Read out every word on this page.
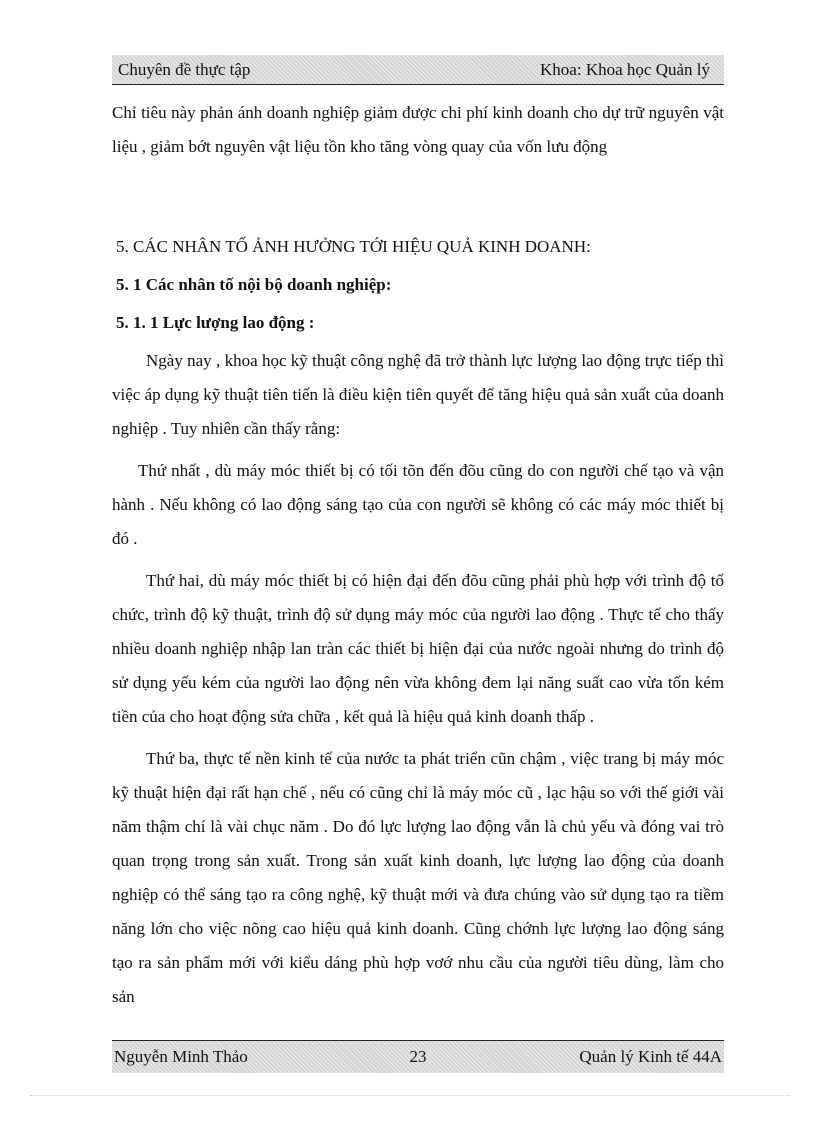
Chuyên đề thực tập	Khoa: Khoa học Quản lý

Chỉ tiêu này phản ánh doanh nghiệp giảm được chi phí kinh doanh cho dự trữ nguyên vật liệu , giảm bớt nguyên vật liệu tồn kho tăng vòng quay của vốn lưu động

5. CÁC NHÂN TỐ ẢNH HƯỞNG TỚI HIỆU QUẢ KINH DOANH:

5. 1 Các nhân tố nội bộ doanh nghiệp:

5. 1. 1 Lực lượng lao động :

Ngày nay , khoa học kỹ thuật công nghệ đã trở thành lực lượng lao động trực tiếp thì việc áp dụng kỹ thuật tiên tiến là điều kiện tiên quyết để tăng hiệu quả sản xuất của doanh nghiệp . Tuy nhiên cần thấy rằng:

Thứ nhất , dù máy móc thiết bị có tối tõn đến đõu cũng do con người chế tạo và vận hành . Nếu không có lao động sáng tạo của con người sẽ không có các máy móc thiết bị đó .

Thứ hai, dù máy móc thiết bị có hiện đại đến đõu cũng phải phù hợp với trình độ tổ chức, trình độ kỹ thuật, trình độ sử dụng máy móc của người lao động . Thực tế cho thấy nhiều doanh nghiệp nhập lan tràn các thiết bị hiện đại của nước ngoài nhưng do trình độ sử dụng yếu kém của người lao động nên vừa không đem lại năng suất cao vừa tốn kém tiền của cho hoạt động sửa chữa , kết quả là hiệu quả kinh doanh thấp .

Thứ ba, thực tế nền kinh tế của nước ta phát triển cũn chậm , việc trang bị máy móc kỹ thuật hiện đại rất hạn chế , nếu có cũng chỉ là máy móc cũ , lạc hậu so với thế giới vài năm thậm chí là vài chục năm . Do đó lực lượng lao động vẫn là chủ yếu và đóng vai trò quan trọng trong sản xuất. Trong sản xuất kinh doanh, lực lượng lao động của doanh nghiệp có thể sáng tạo ra công nghệ, kỹ thuật mới và đưa chúng vào sử dụng tạo ra tiềm năng lớn cho việc nõng cao hiệu quả kinh doanh. Cũng chớnh lực lượng lao động sáng tạo ra sản phẩm mới với kiểu dáng phù hợp vơớ nhu cầu của người tiêu dùng, làm cho sản

Nguyễn Minh Thảo	23	Quản lý Kinh tế 44A
